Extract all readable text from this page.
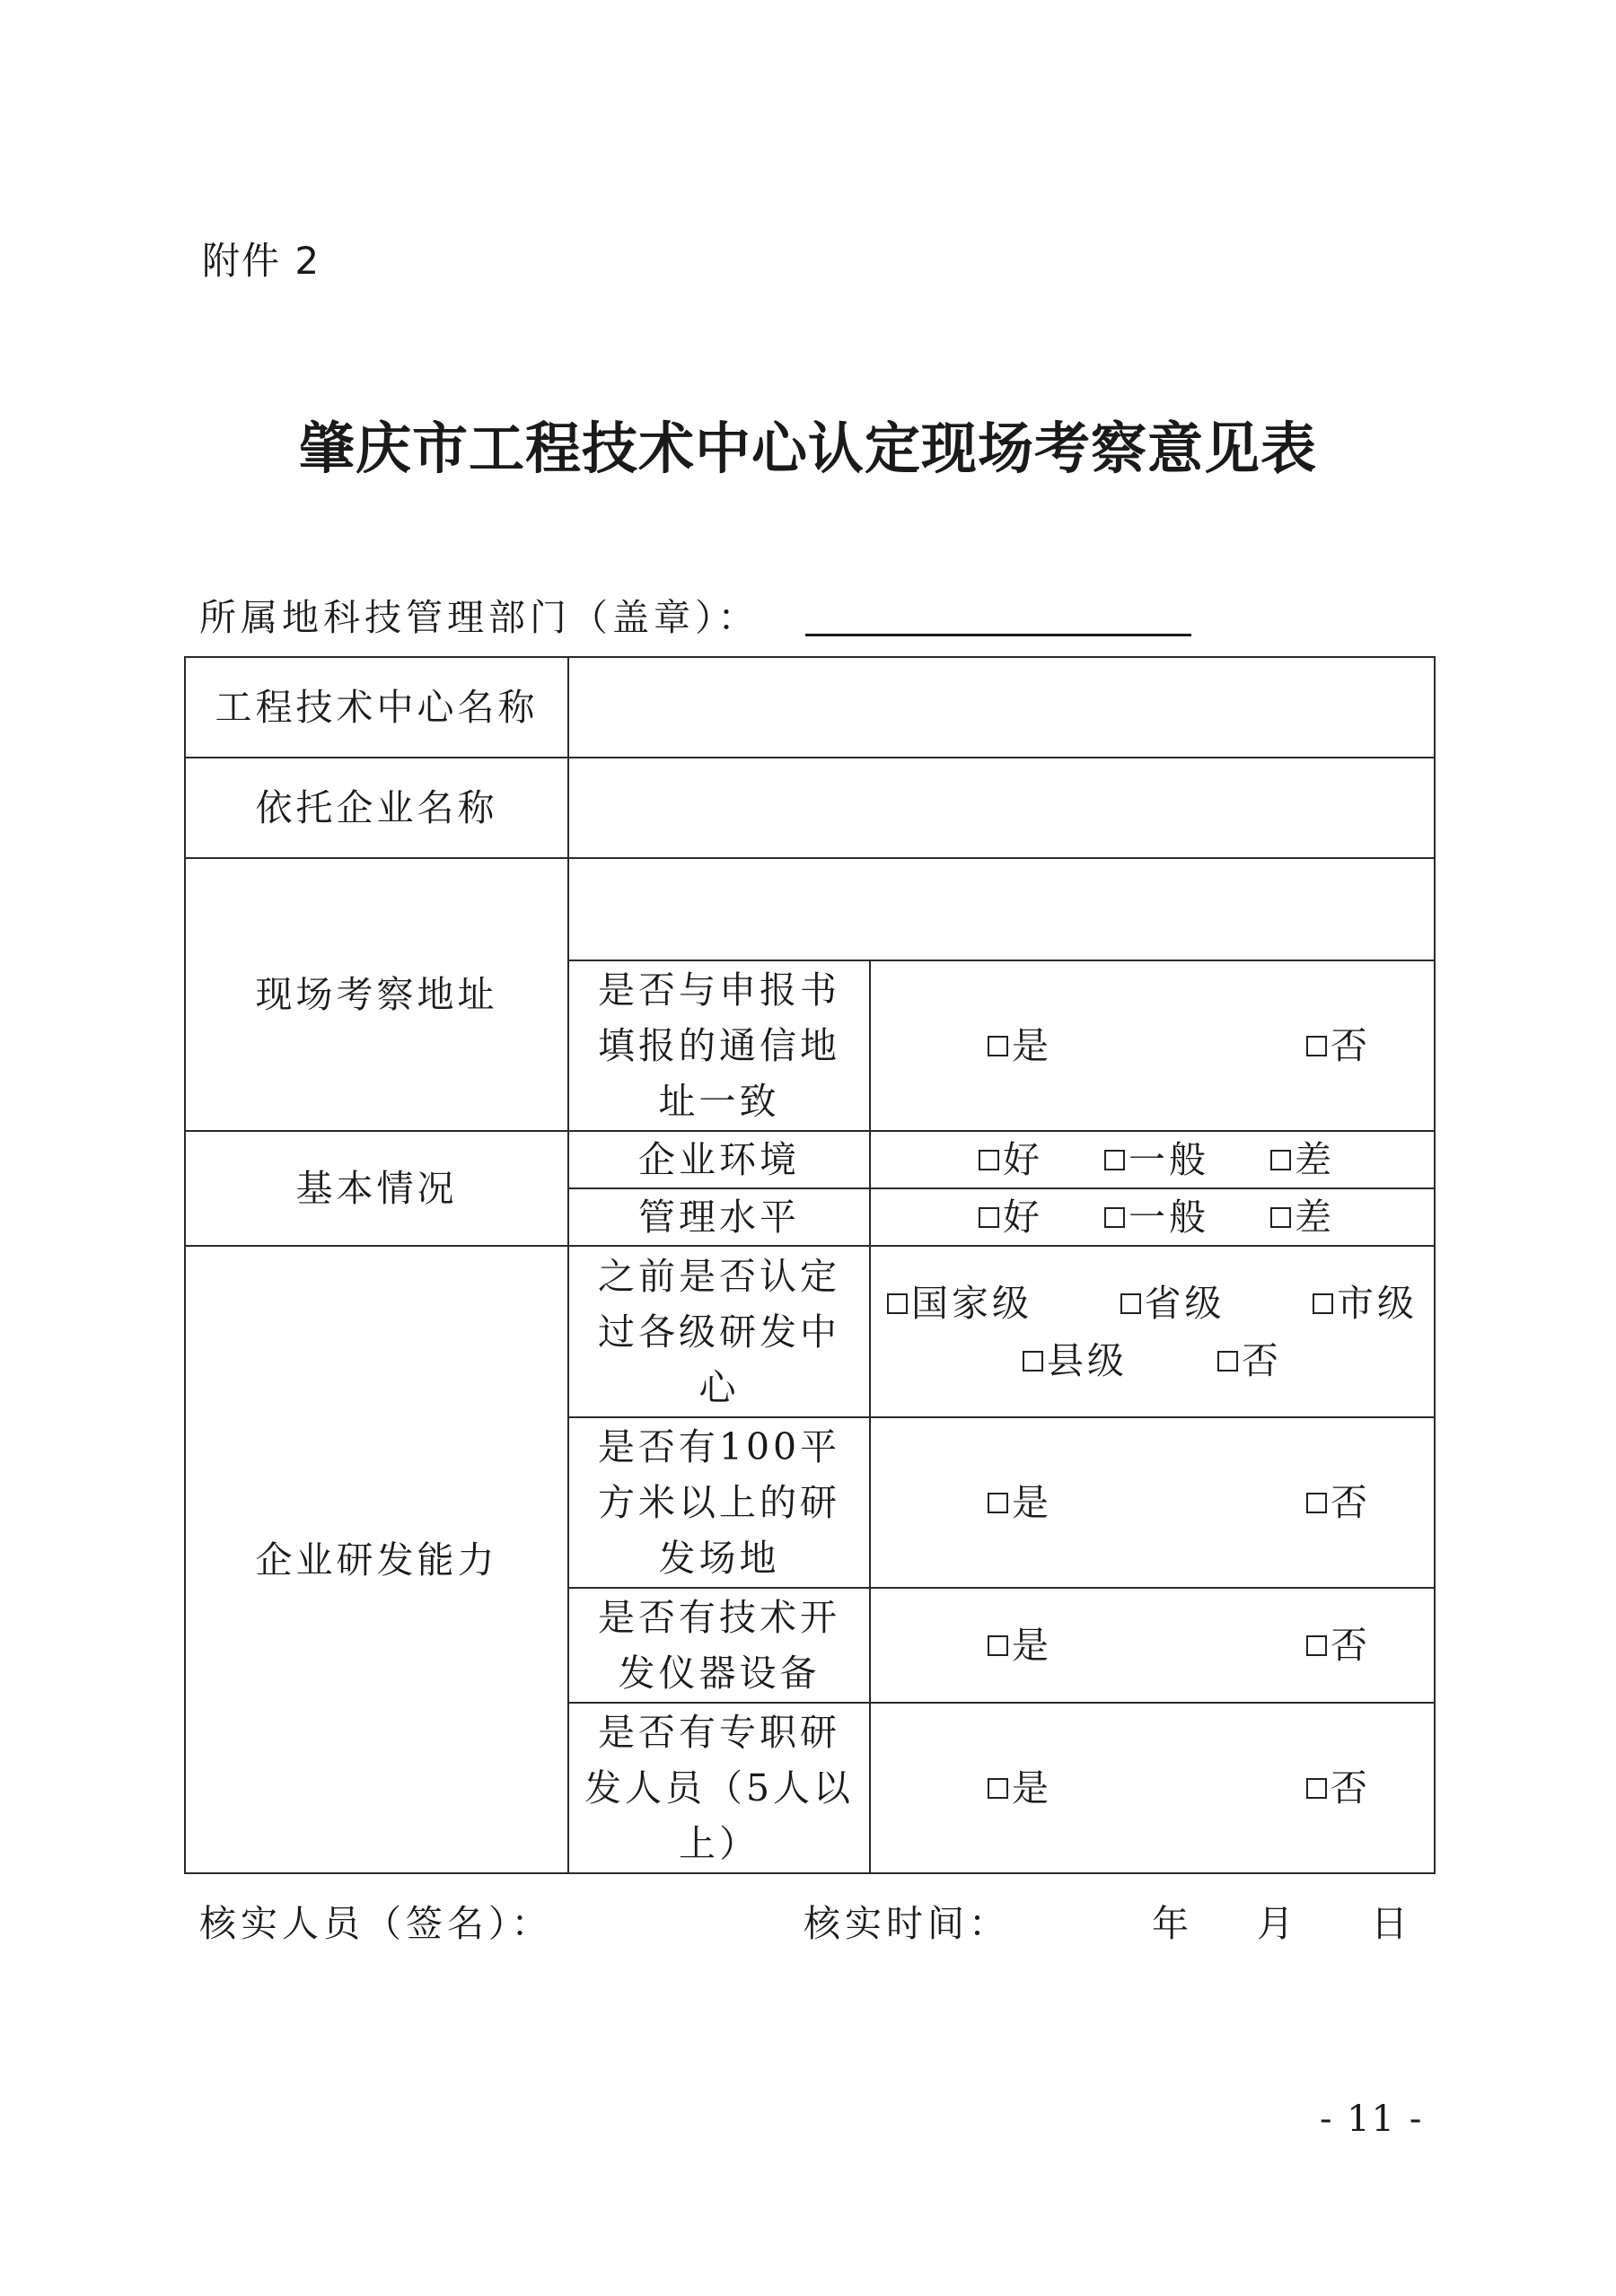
附件 2
肇庆市工程技术中心认定现场考察意见表
所属地科技管理部门（盖章）：
工程技术中心名称		
依托企业名称		
现场考察地址		
	是否与申报书填报的通信地址一致	是 否

基本情况	企业环境	好 一般 差

	管理水平	好 一般 差

企业研发能力	之前是否认定过各级研发中心	国家级 省级 市级
县级 否

	是否有100平方米以上的研发场地	是 否

	是否有技术开发仪器设备	是 否

	是否有专职研发人员（5人以上）	是 否
核实人员（签名）：	核实时间：	年 月 日
- 11 -
